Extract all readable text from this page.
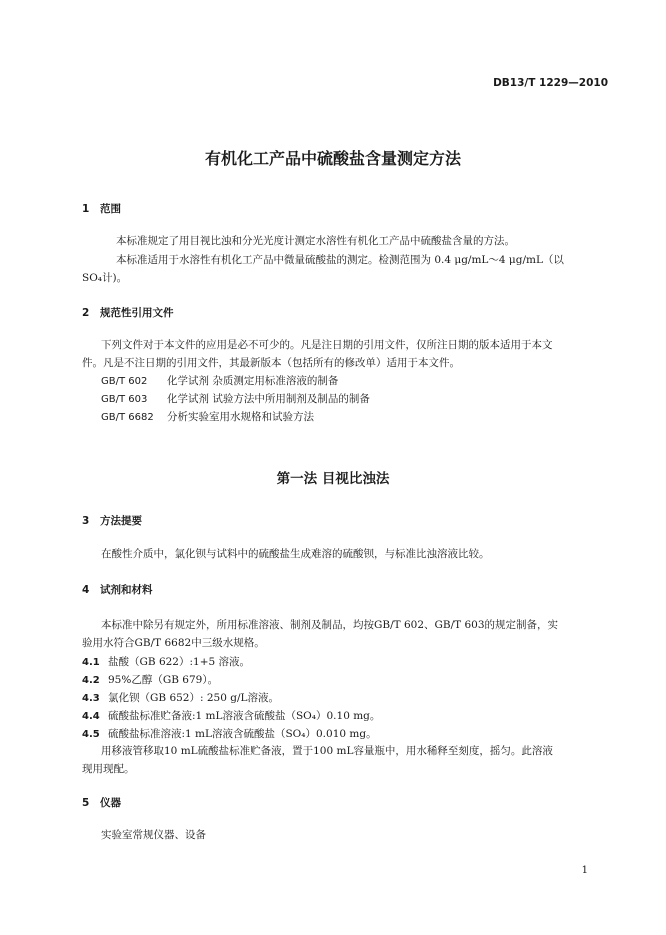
DB13/T 1229—2010
有机化工产品中硫酸盐含量测定方法
1 范围
本标准规定了用目视比浊和分光光度计测定水溶性有机化工产品中硫酸盐含量的方法。
本标准适用于水溶性有机化工产品中微量硫酸盐的测定。检测范围为 0.4 μg/mL～4 μg/mL（以
SO₄计)。
2 规范性引用文件
下列文件对于本文件的应用是必不可少的。凡是注日期的引用文件，仅所注日期的版本适用于本文
件。凡是不注日期的引用文件，其最新版本（包括所有的修改单）适用于本文件。
GB/T 602 化学试剂 杂质测定用标准溶液的制备
GB/T 603 化学试剂 试验方法中所用制剂及制品的制备
GB/T 6682 分析实验室用水规格和试验方法
第一法 目视比浊法
3 方法提要
在酸性介质中，氯化钡与试料中的硫酸盐生成难溶的硫酸钡，与标准比浊溶液比较。
4 试剂和材料
本标准中除另有规定外，所用标准溶液、制剂及制品，均按GB/T 602、GB/T 603的规定制备，实
验用水符合GB/T 6682中三级水规格。
4.1 盐酸（GB 622）:1+5 溶液。
4.2 95%乙醇（GB 679）。
4.3 氯化钡（GB 652）: 250 g/L溶液。
4.4 硫酸盐标准贮备液:1 mL溶液含硫酸盐（SO₄）0.10 mg。
4.5 硫酸盐标准溶液:1 mL溶液含硫酸盐（SO₄）0.010 mg。
用移液管移取10 mL硫酸盐标准贮备液，置于100 mL容量瓶中，用水稀释至刻度，摇匀。此溶液
现用现配。
5 仪器
实验室常规仪器、设备
1
